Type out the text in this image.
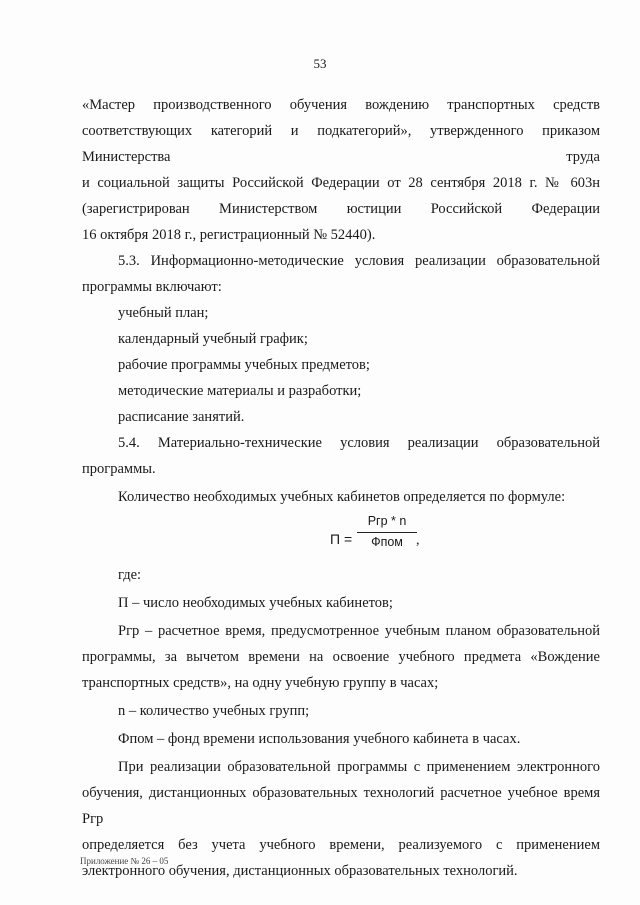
53

«Мастер производственного обучения вождению транспортных средств

соответствующих категорий и подкатегорий», утвержденного приказом

Министерства труда

и социальной защиты Российской Федерации от 28 сентября 2018 г. № 603н

(зарегистрирован Министерством юстиции Российской Федерации

16 октября 2018 г., регистрационный № 52440).

5.3. Информационно-методические условия реализации образовательной

программы включают:

учебный план;

календарный учебный график;

рабочие программы учебных предметов;

методические материалы и разработки;

расписание занятий.

5.4. Материально-технические условия реализации образовательной

программы.

Количество необходимых учебных кабинетов определяется по формуле:

П =
Pгр * n
Фпом ,

где:

П – число необходимых учебных кабинетов;

Pгр – расчетное время, предусмотренное учебным планом образовательной

программы, за вычетом времени на освоение учебного предмета «Вождение

транспортных средств», на одну учебную группу в часах;

n – количество учебных групп;

Фпом – фонд времени использования учебного кабинета в часах.

При реализации образовательной программы с применением электронного

обучения, дистанционных образовательных технологий расчетное учебное время Pгр

определяется без учета учебного времени, реализуемого с применением

электронного обучения, дистанционных образовательных технологий.

Приложение № 26 – 05
